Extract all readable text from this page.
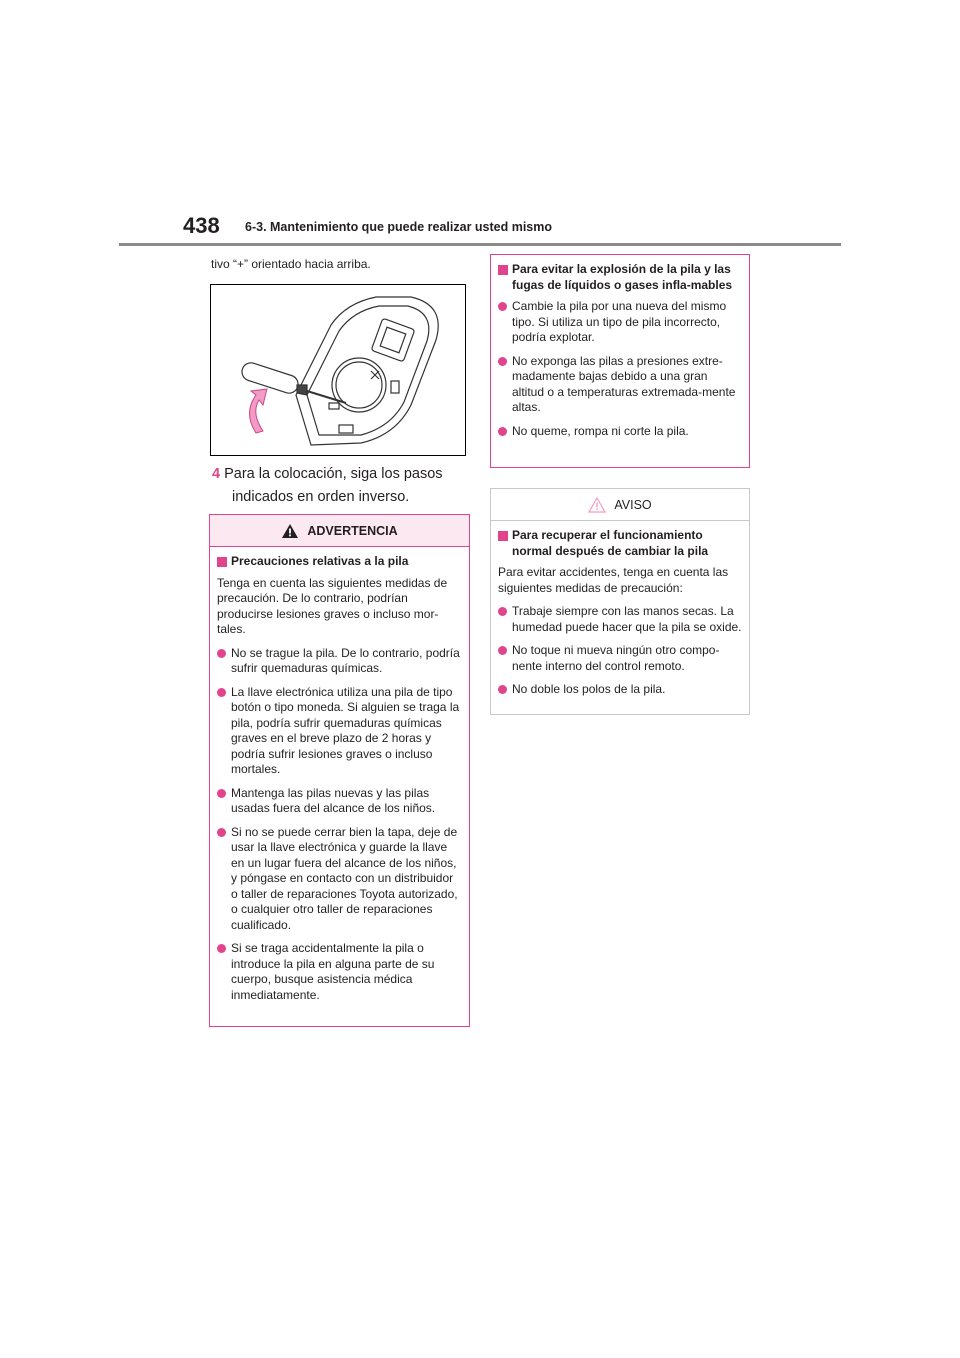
438 6-3. Mantenimiento que puede realizar usted mismo
tivo “+” orientado hacia arriba.
4 Para la colocación, siga los pasos
indicados en orden inverso.
ADVERTENCIA
Precauciones relativas a la pila

Tenga en cuenta las siguientes medidas de precaución. De lo contrario, podrían producirse lesiones graves o incluso mor-tales.

No se trague la pila. De lo contrario, podría sufrir quemaduras químicas.
La llave electrónica utiliza una pila de tipo botón o tipo moneda. Si alguien se traga la pila, podría sufrir quemaduras químicas graves en el breve plazo de 2 horas y podría sufrir lesiones graves o incluso mortales.
Mantenga las pilas nuevas y las pilas usadas fuera del alcance de los niños.
Si no se puede cerrar bien la tapa, deje de usar la llave electrónica y guarde la llave en un lugar fuera del alcance de los niños, y póngase en contacto con un distribuidor o taller de reparaciones Toyota autorizado, o cualquier otro taller de reparaciones cualificado.
Si se traga accidentalmente la pila o introduce la pila en alguna parte de su cuerpo, busque asistencia médica inmediatamente.
Para evitar la explosión de la pila y las fugas de líquidos o gases infla-mables
Cambie la pila por una nueva del mismo tipo. Si utiliza un tipo de pila incorrecto, podría explotar.
No exponga las pilas a presiones extre-madamente bajas debido a una gran altitud o a temperaturas extremada-mente altas.
No queme, rompa ni corte la pila.
AVISO
Para recuperar el funcionamiento normal después de cambiar la pila

Para evitar accidentes, tenga en cuenta las siguientes medidas de precaución:

Trabaje siempre con las manos secas. La humedad puede hacer que la pila se oxide.
No toque ni mueva ningún otro compo-nente interno del control remoto.
No doble los polos de la pila.
